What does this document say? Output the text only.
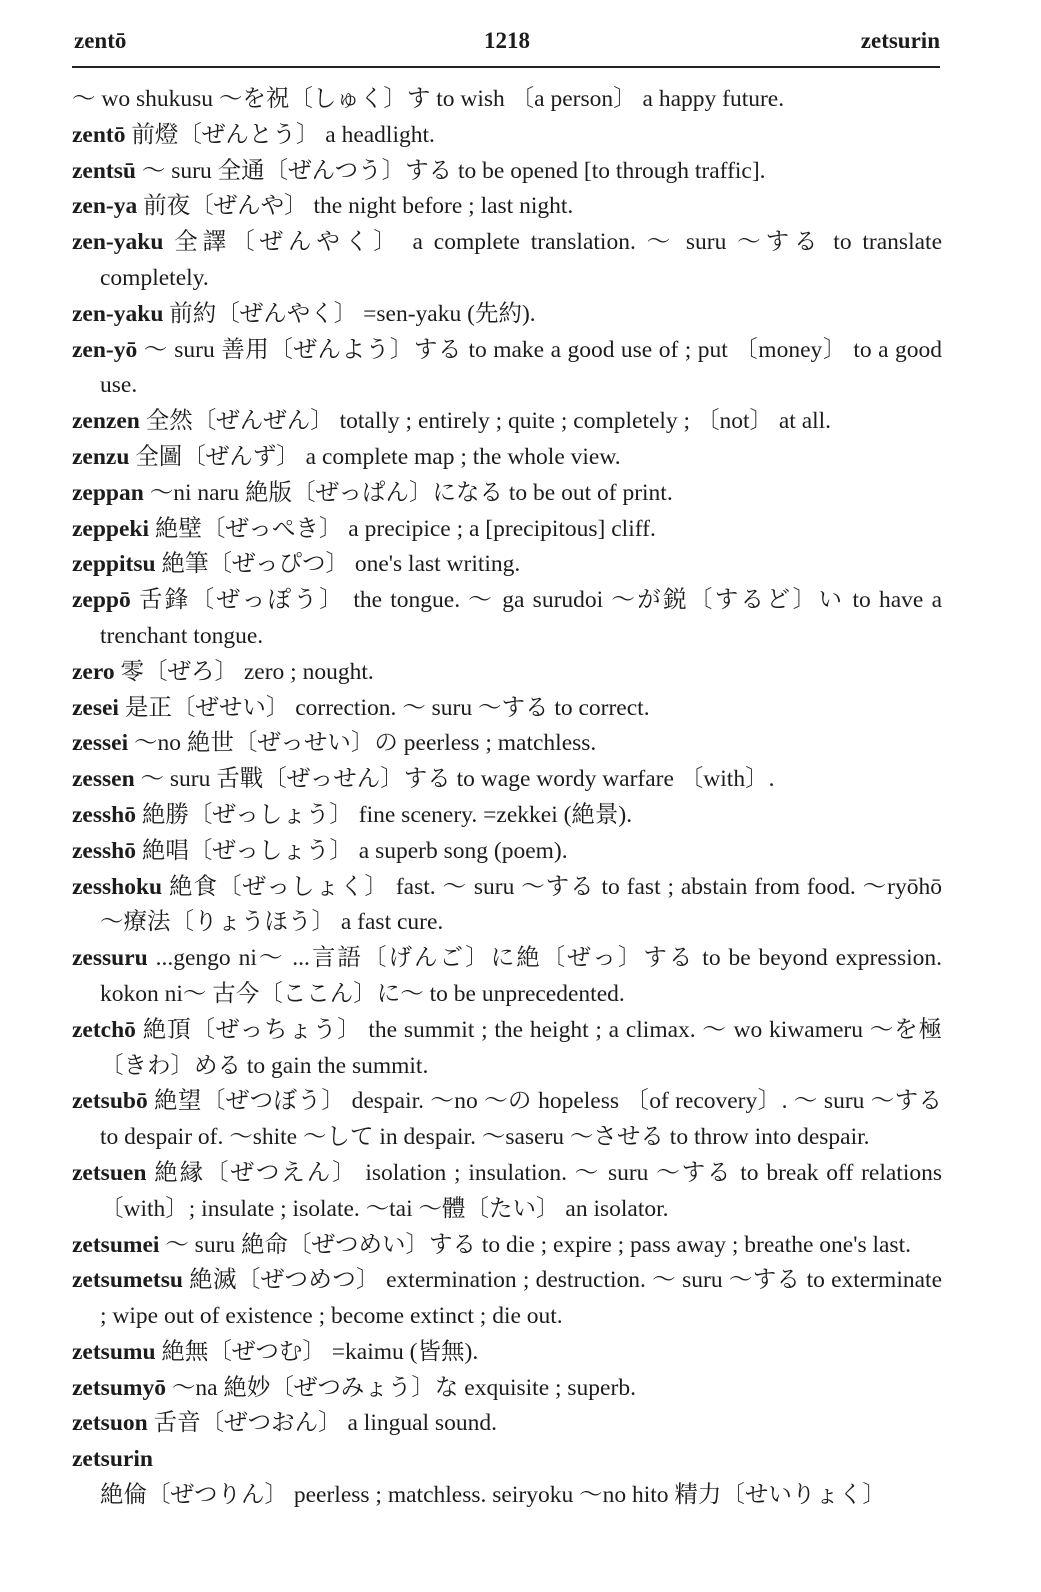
zentō	1218	zetsurin
〜 wo shukusu 〜を祝〔しゅく〕す to wish 〔a person〕 a happy future.
zentō 前燈〔ぜんとう〕 a headlight.
zentsū 〜 suru 全通〔ぜんつう〕する to be opened [to through traffic].
zen-ya 前夜〔ぜんや〕 the night before ; last night.
zen-yaku 全譯〔ぜんやく〕 a complete translation. 〜 suru 〜する to translate completely.
zen-yaku 前約〔ぜんやく〕 =sen-yaku (先約).
zen-yō 〜 suru 善用〔ぜんよう〕する to make a good use of ; put 〔money〕 to a good use.
zenzen 全然〔ぜんぜん〕 totally ; entirely ; quite ; completely ; 〔not〕 at all.
zenzu 全圖〔ぜんず〕 a complete map ; the whole view.
zeppan 〜ni naru 絶版〔ぜっぱん〕になる to be out of print.
zeppeki 絶壁〔ぜっぺき〕 a precipice ; a [precipitous] cliff.
zeppitsu 絶筆〔ぜっぴつ〕 one's last writing.
zeppō 舌鋒〔ぜっぽう〕 the tongue. 〜 ga surudoi 〜が鋭〔するど〕い to have a trenchant tongue.
zero 零〔ぜろ〕 zero ; nought.
zesei 是正〔ぜせい〕 correction. 〜 suru 〜する to correct.
zessei 〜no 絶世〔ぜっせい〕の peerless ; matchless.
zessen 〜 suru 舌戰〔ぜっせん〕する to wage wordy warfare 〔with〕.
zesshō 絶勝〔ぜっしょう〕 fine scenery. =zekkei (絶景).
zesshō 絶唱〔ぜっしょう〕 a superb song (poem).
zesshoku 絶食〔ぜっしょく〕 fast. 〜 suru 〜する to fast ; abstain from food. 〜ryōhō 〜療法〔りょうほう〕 a fast cure.
zessuru ...gengo ni〜 ...言語〔げんご〕に絶〔ぜっ〕する to be beyond expression. kokon ni〜 古今〔ここん〕に〜 to be unprecedented.
zetchō 絶頂〔ぜっちょう〕 the summit ; the height ; a climax. 〜 wo kiwameru 〜を極〔きわ〕める to gain the summit.
zetsubō 絶望〔ぜつぼう〕 despair. 〜no 〜の hopeless 〔of recovery〕. 〜 suru 〜する to despair of. 〜shite 〜して in despair. 〜saseru 〜させる to throw into despair.
zetsuen 絶縁〔ぜつえん〕 isolation ; insulation. 〜 suru 〜する to break off relations 〔with〕; insulate ; isolate. 〜tai 〜體〔たい〕 an isolator.
zetsumei 〜 suru 絶命〔ぜつめい〕する to die ; expire ; pass away ; breathe one's last.
zetsumetsu 絶滅〔ぜつめつ〕 extermination ; destruction. 〜 suru 〜する to exterminate ; wipe out of existence ; become extinct ; die out.
zetsumu 絶無〔ぜつむ〕 =kaimu (皆無).
zetsumyō 〜na 絶妙〔ぜつみょう〕な exquisite ; superb.
zetsuon 舌音〔ぜつおん〕 a lingual sound.
zetsurin 絶倫〔ぜつりん〕 peerless ; matchless. seiryoku 〜no hito 精力〔せいりょく〕
